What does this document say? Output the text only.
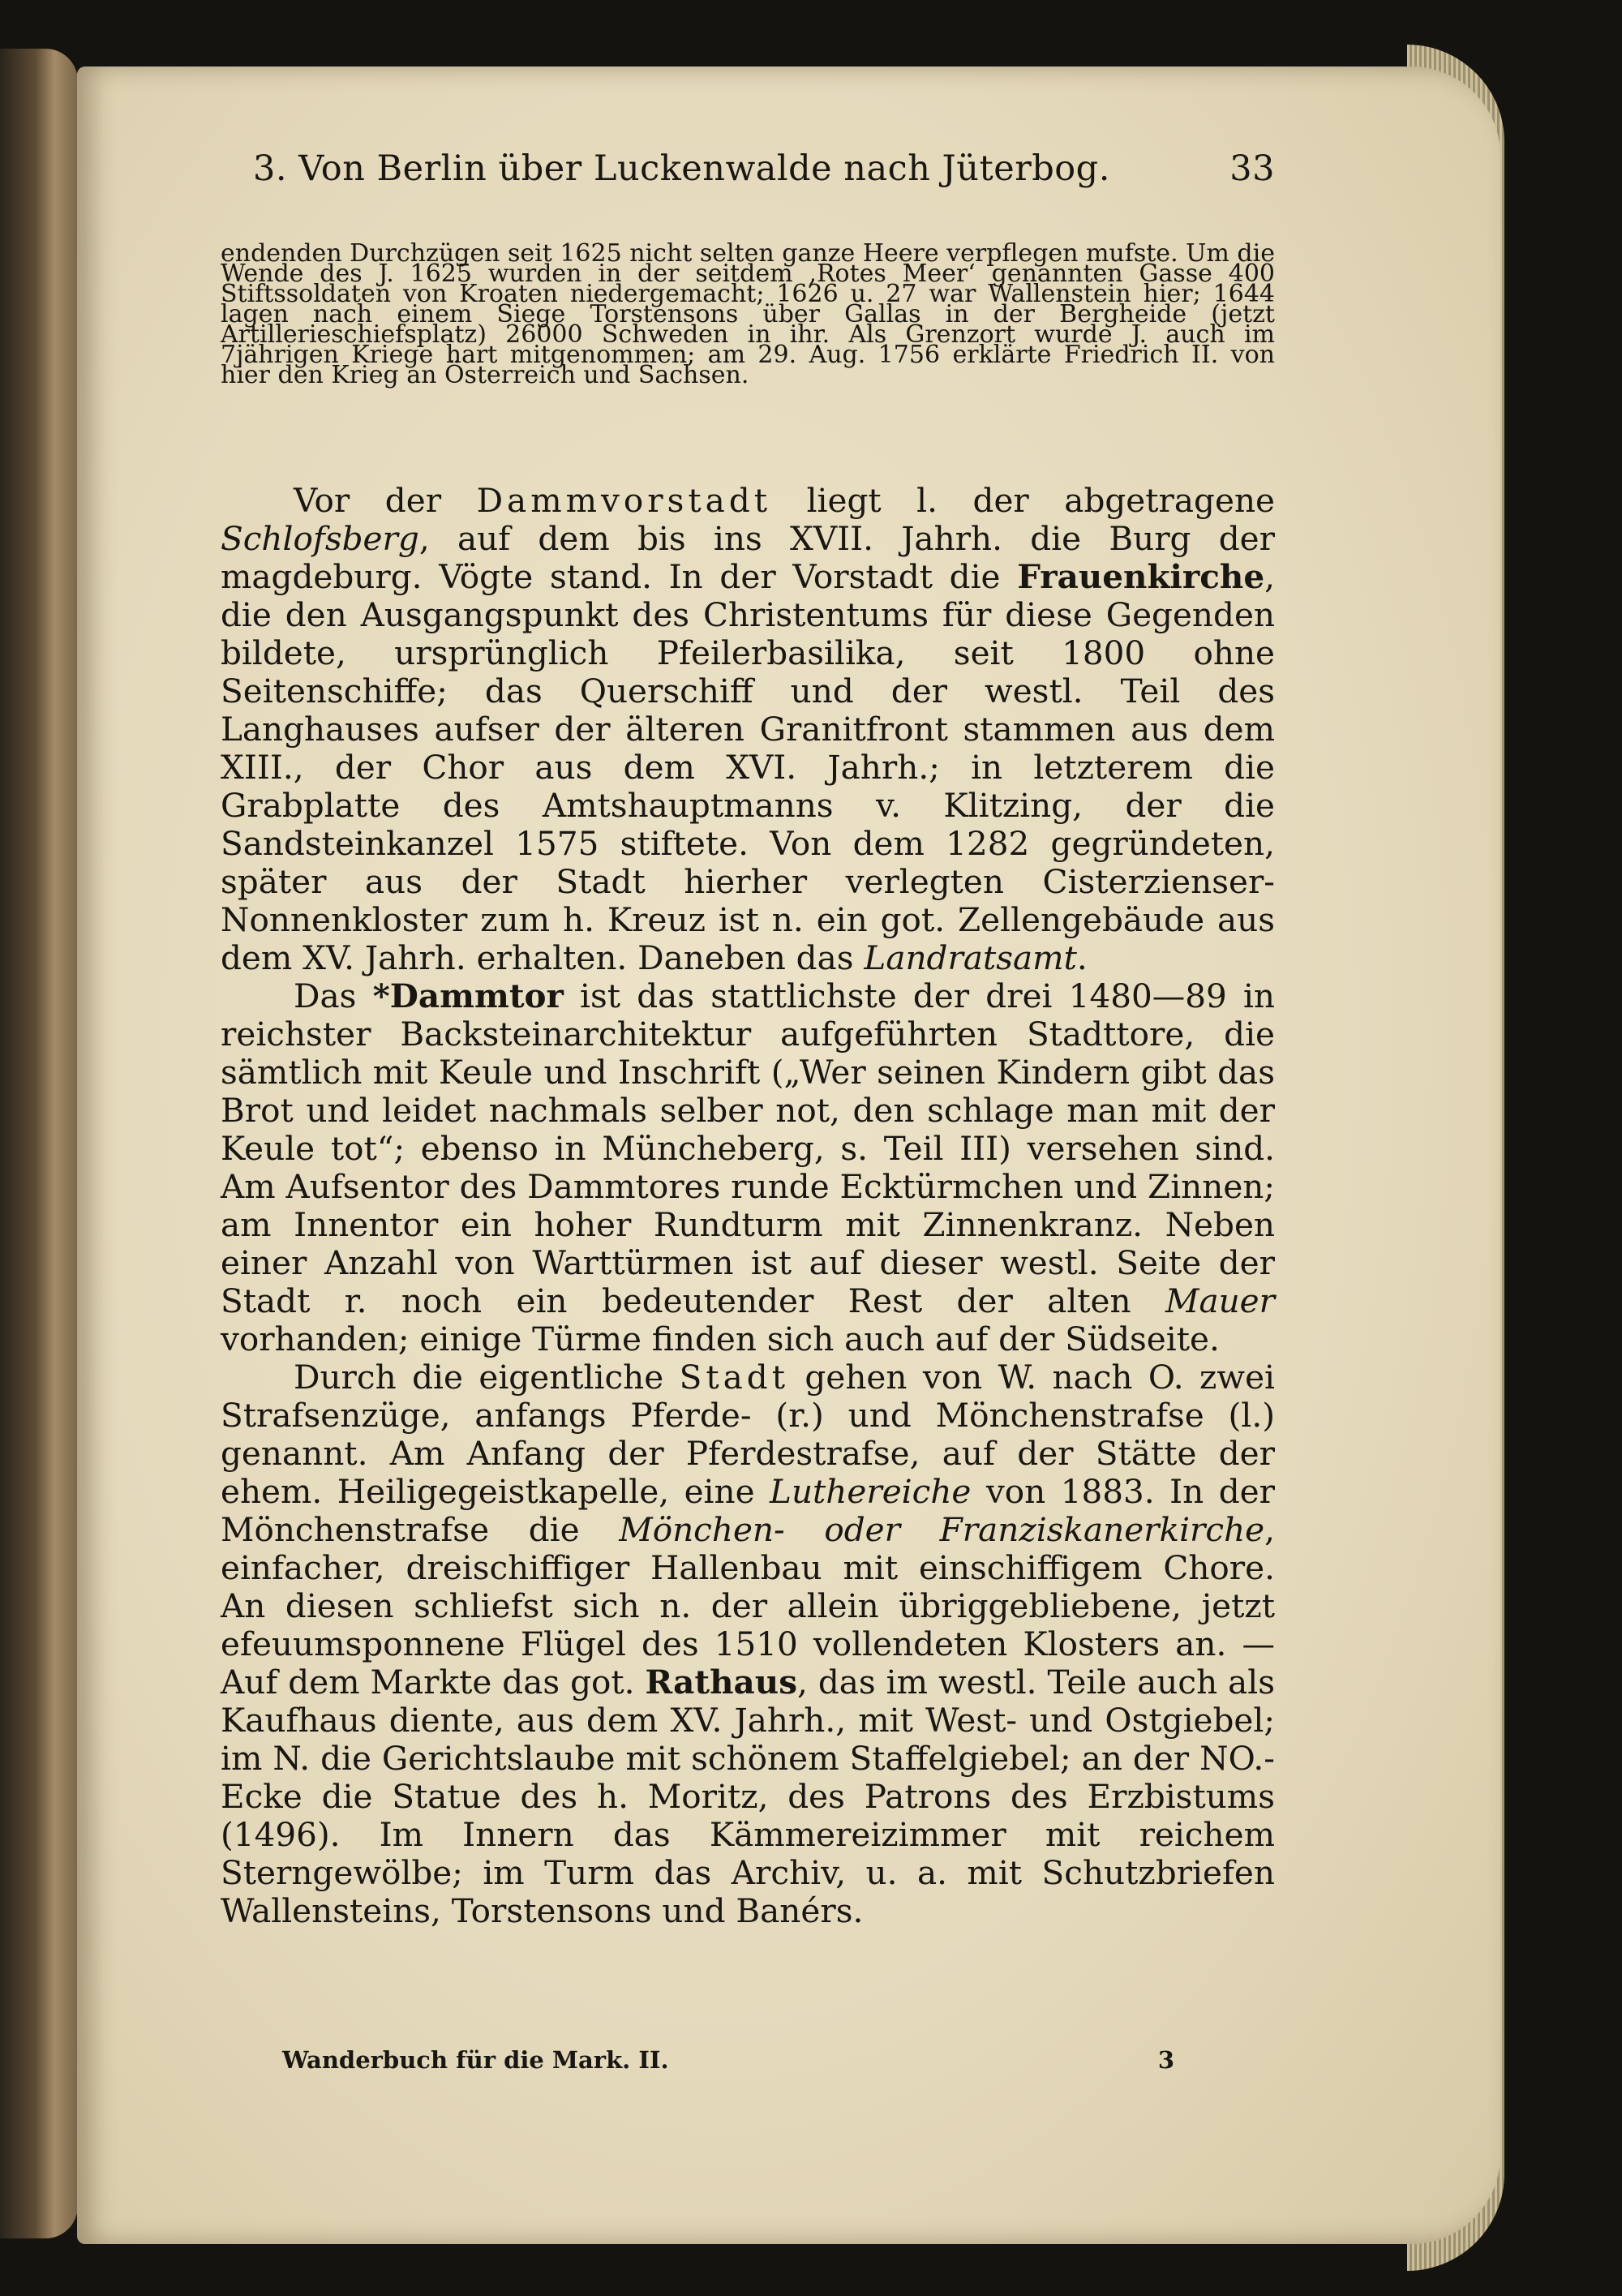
3. Von Berlin über Luckenwalde nach Jüterbog.	33
endenden Durchzügen seit 1625 nicht selten ganze Heere verpflegen mufste. Um die Wende des J. 1625 wurden in der seitdem ,Rotes Meer‘ genannten Gasse 400 Stiftssoldaten von Kroaten niedergemacht; 1626 u. 27 war Wallenstein hier; 1644 lagen nach einem Siege Torstensons über Gallas in der Bergheide (jetzt Artillerieschiefsplatz) 26000 Schweden in ihr. Als Grenzort wurde J. auch im 7jährigen Kriege hart mitgenommen; am 29. Aug. 1756 erklärte Friedrich II. von hier den Krieg an Österreich und Sachsen.

Vor der Dammvorstadt liegt l. der abgetragene Schlofsberg, auf dem bis ins XVII. Jahrh. die Burg der magdeburg. Vögte stand. In der Vorstadt die Frauenkirche, die den Ausgangspunkt des Christentums für diese Gegenden bildete, ursprünglich Pfeilerbasilika, seit 1800 ohne Seitenschiffe; das Querschiff und der westl. Teil des Langhauses aufser der älteren Granitfront stammen aus dem XIII., der Chor aus dem XVI. Jahrh.; in letzterem die Grabplatte des Amtshauptmanns v. Klitzing, der die Sandsteinkanzel 1575 stiftete. Von dem 1282 gegründeten, später aus der Stadt hierher verlegten Cisterzienser-Nonnenkloster zum h. Kreuz ist n. ein got. Zellengebäude aus dem XV. Jahrh. erhalten. Daneben das Landratsamt.

Das *Dammtor ist das stattlichste der drei 1480—89 in reichster Backsteinarchitektur aufgeführten Stadttore, die sämtlich mit Keule und Inschrift („Wer seinen Kindern gibt das Brot und leidet nachmals selber not, den schlage man mit der Keule tot“; ebenso in Müncheberg, s. Teil III) versehen sind. Am Aufsentor des Dammtores runde Ecktürmchen und Zinnen; am Innentor ein hoher Rundturm mit Zinnenkranz. Neben einer Anzahl von Warttürmen ist auf dieser westl. Seite der Stadt r. noch ein bedeutender Rest der alten Mauer vorhanden; einige Türme finden sich auch auf der Südseite.

Durch die eigentliche Stadt gehen von W. nach O. zwei Strafsenzüge, anfangs Pferde- (r.) und Mönchenstrafse (l.) genannt. Am Anfang der Pferdestrafse, auf der Stätte der ehem. Heiligegeistkapelle, eine Luthereiche von 1883. In der Mönchenstrafse die Mönchen- oder Franziskanerkirche, einfacher, dreischiffiger Hallenbau mit einschiffigem Chore. An diesen schliefst sich n. der allein übriggebliebene, jetzt efeuumsponnene Flügel des 1510 vollendeten Klosters an. — Auf dem Markte das got. Rathaus, das im westl. Teile auch als Kaufhaus diente, aus dem XV. Jahrh., mit West- und Ostgiebel; im N. die Gerichtslaube mit schönem Staffelgiebel; an der NO.-Ecke die Statue des h. Moritz, des Patrons des Erzbistums (1496). Im Innern das Kämmereizimmer mit reichem Sterngewölbe; im Turm das Archiv, u. a. mit Schutzbriefen Wallensteins, Torstensons und Banérs.

Wanderbuch für die Mark. II.	3
